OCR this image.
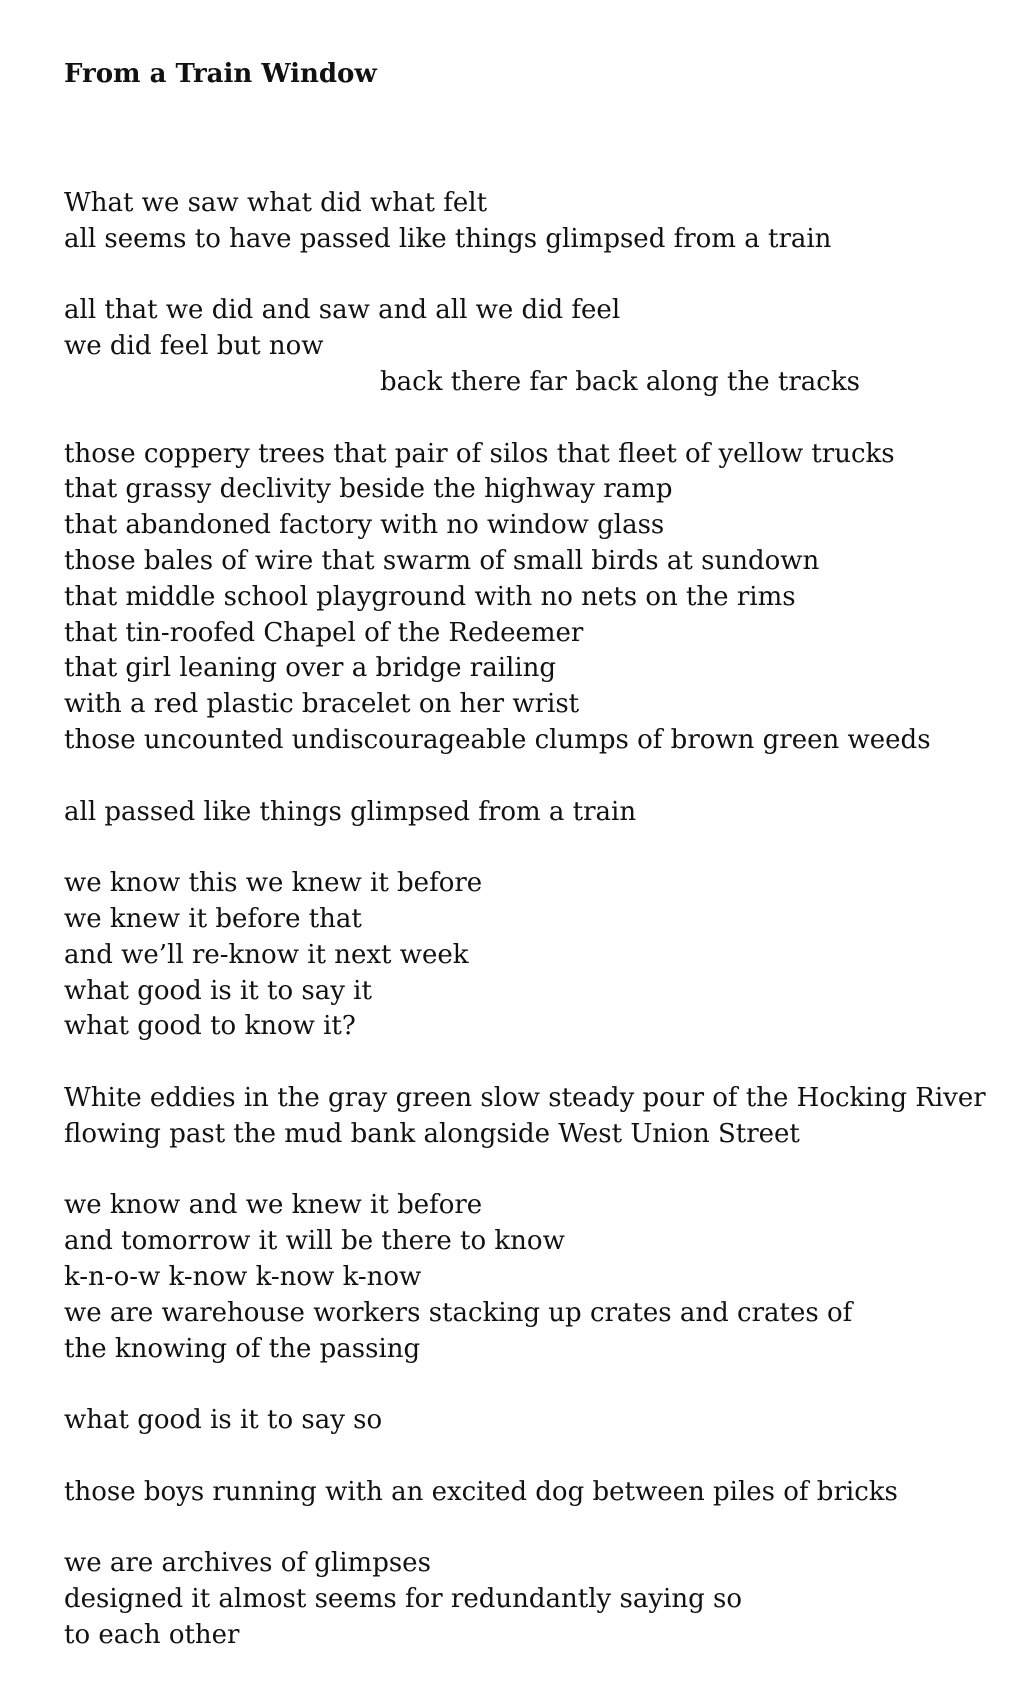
From a Train Window
What we saw what did what felt
all seems to have passed like things glimpsed from a train
all that we did and saw and all we did feel
we did feel but now
back there far back along the tracks
those coppery trees that pair of silos that fleet of yellow trucks
that grassy declivity beside the highway ramp
that abandoned factory with no window glass
those bales of wire that swarm of small birds at sundown
that middle school playground with no nets on the rims
that tin-roofed Chapel of the Redeemer
that girl leaning over a bridge railing
with a red plastic bracelet on her wrist
those uncounted undiscourageable clumps of brown green weeds
all passed like things glimpsed from a train
we know this we knew it before
we knew it before that
and we’ll re-know it next week
what good is it to say it
what good to know it?
White eddies in the gray green slow steady pour of the Hocking River
flowing past the mud bank alongside West Union Street
we know and we knew it before
and tomorrow it will be there to know
k-n-o-w k-now k-now k-now
we are warehouse workers stacking up crates and crates of
the knowing of the passing
what good is it to say so
those boys running with an excited dog between piles of bricks
we are archives of glimpses
designed it almost seems for redundantly saying so
to each other
